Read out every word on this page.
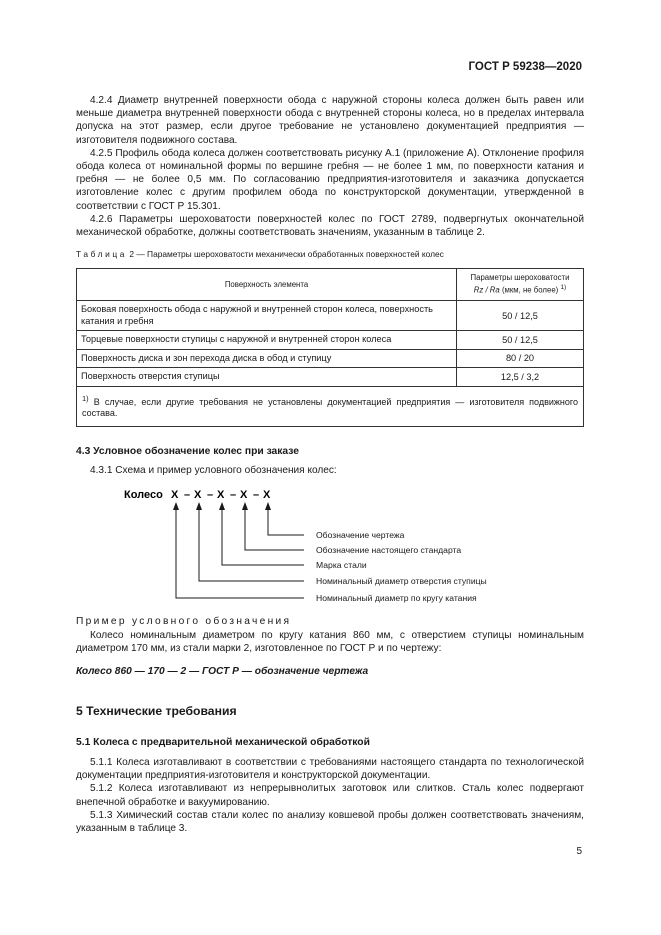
ГОСТ Р 59238—2020
4.2.4 Диаметр внутренней поверхности обода с наружной стороны колеса должен быть равен или меньше диаметра внутренней поверхности обода с внутренней стороны колеса, но в пределах интервала допуска на этот размер, если другое требование не установлено документацией предприятия — изготовителя подвижного состава.
4.2.5 Профиль обода колеса должен соответствовать рисунку А.1 (приложение А). Отклонение профиля обода колеса от номинальной формы по вершине гребня — не более 1 мм, по поверхности катания и гребня — не более 0,5 мм. По согласованию предприятия-изготовителя и заказчика допускается изготовление колес с другим профилем обода по конструкторской документации, утвержденной в соответствии с ГОСТ Р 15.301.
4.2.6 Параметры шероховатости поверхностей колес по ГОСТ 2789, подвергнутых окончательной механической обработке, должны соответствовать значениям, указанным в таблице 2.
Таблица 2 — Параметры шероховатости механически обработанных поверхностей колес
Поверхность элемента	Параметры шероховатости
Rz / Ra (мкм, не более) $^{1)}$
Боковая поверхность обода с наружной и внутренней сторон колеса, поверхность катания и гребня	50 / 12,5
Торцевые поверхности ступицы с наружной и внутренней сторон колеса	50 / 12,5
Поверхность диска и зон перехода диска в обод и ступицу	80 / 20
Поверхность отверстия ступицы	12,5 / 3,2
$^{1)}$ В случае, если другие требования не установлены документацией предприятия — изготовителя подвижного состава.	
4.3 Условное обозначение колес при заказе
4.3.1 Схема и пример условного обозначения колес:
Колесо Х – Х – Х – Х – Х
Обозначение чертежа
Обозначение настоящего стандарта
Марка стали
Номинальный диаметр отверстия ступицы
Номинальный диаметр по кругу катания
Пример условного обозначения
Колесо номинальным диаметром по кругу катания 860 мм, с отверстием ступицы номинальным диаметром 170 мм, из стали марки 2, изготовленное по ГОСТ Р и по чертежу:
Колесо 860 — 170 — 2 — ГОСТ Р — обозначение чертежа
5 Технические требования
5.1 Колеса с предварительной механической обработкой
5.1.1 Колеса изготавливают в соответствии с требованиями настоящего стандарта по технологической документации предприятия-изготовителя и конструкторской документации.
5.1.2 Колеса изготавливают из непрерывнолитых заготовок или слитков. Сталь колес подвергают внепечной обработке и вакуумированию.
5.1.3 Химический состав стали колес по анализу ковшевой пробы должен соответствовать значениям, указанным в таблице 3.
5
